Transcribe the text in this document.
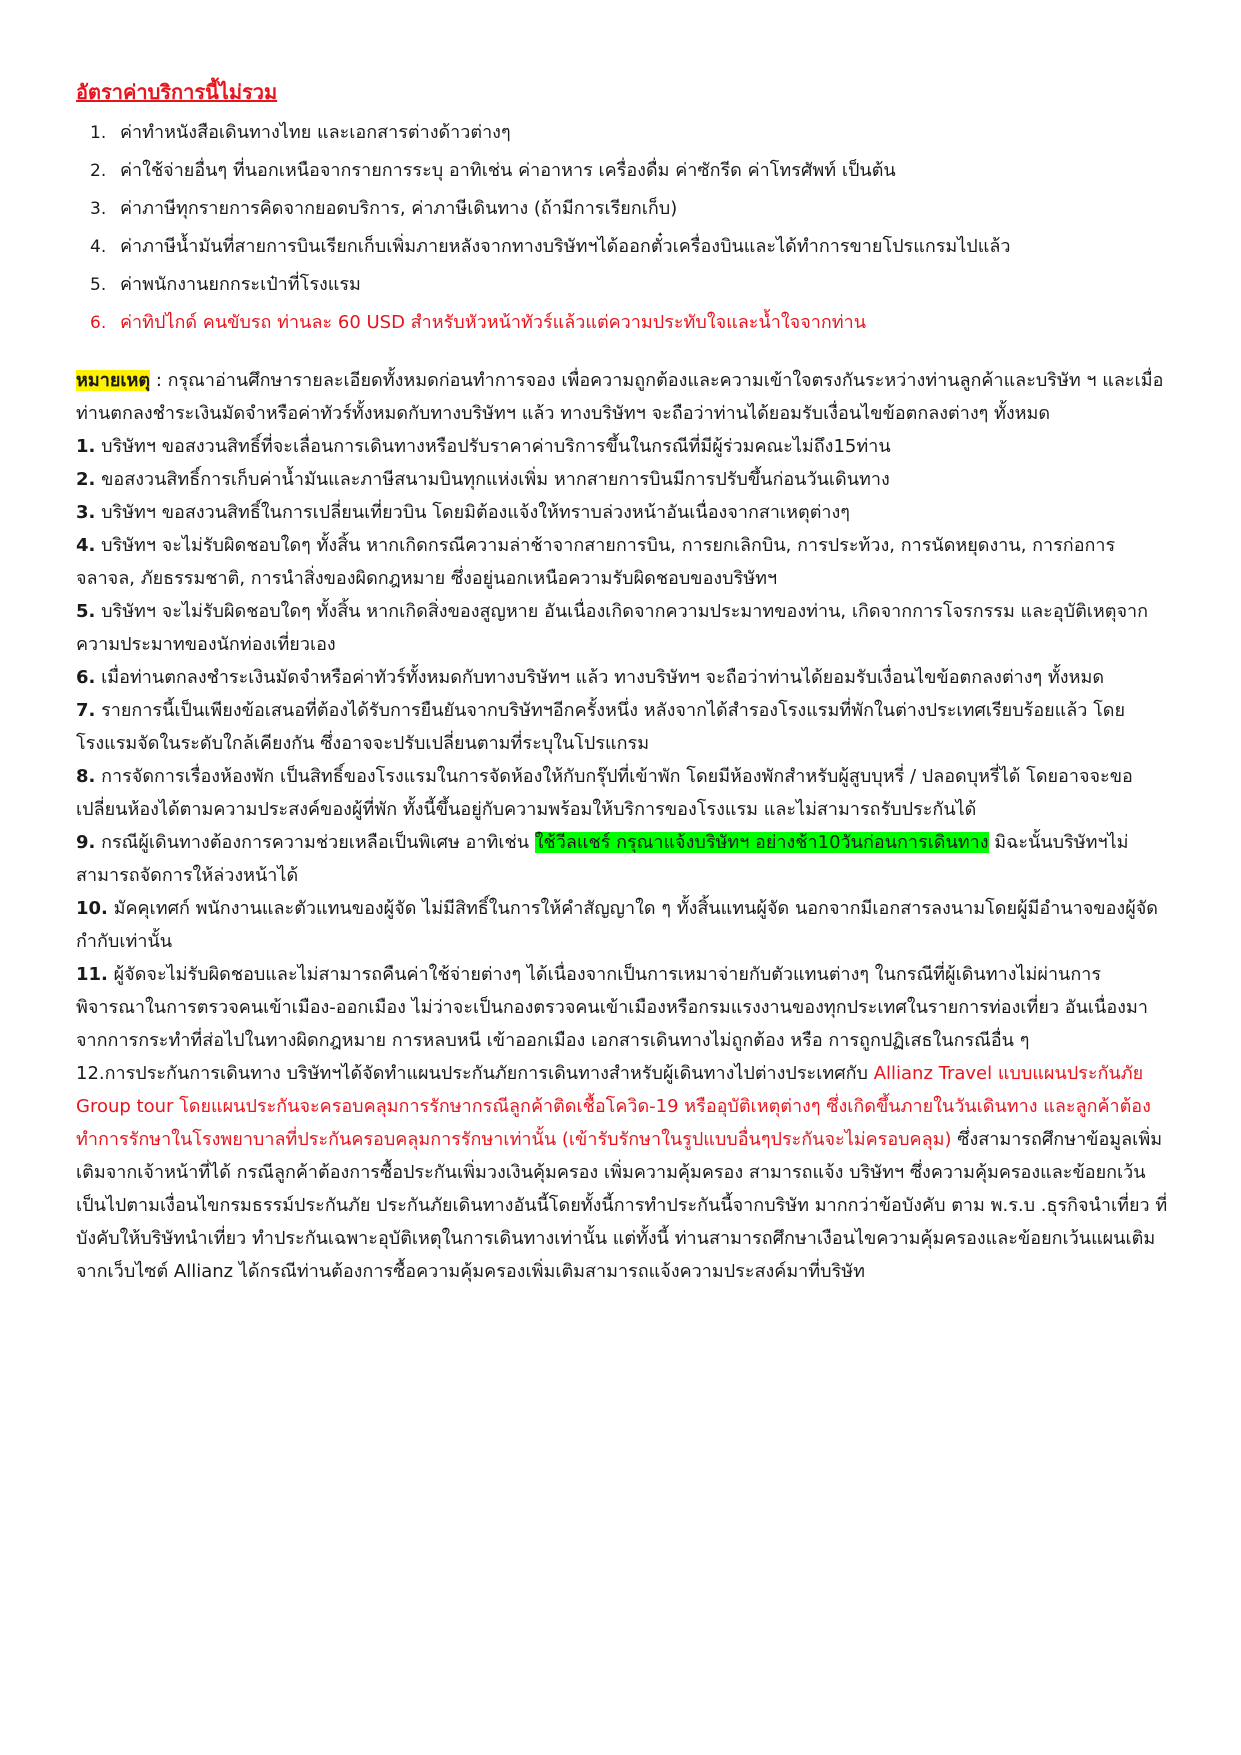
อัตราค่าบริการนี้ไม่รวม
1. ค่าทำหนังสือเดินทางไทย และเอกสารต่างด้าวต่างๆ
2. ค่าใช้จ่ายอื่นๆ ที่นอกเหนือจากรายการระบุ อาทิเช่น ค่าอาหาร เครื่องดื่ม ค่าซักรีด ค่าโทรศัพท์ เป็นต้น
3. ค่าภาษีทุกรายการคิดจากยอดบริการ, ค่าภาษีเดินทาง (ถ้ามีการเรียกเก็บ)
4. ค่าภาษีน้ำมันที่สายการบินเรียกเก็บเพิ่มภายหลังจากทางบริษัทฯได้ออกตั๋วเครื่องบินและได้ทำการขายโปรแกรมไปแล้ว
5. ค่าพนักงานยกกระเป๋าที่โรงแรม
6. ค่าทิปไกด์ คนขับรถ ท่านละ 60 USD สำหรับหัวหน้าทัวร์แล้วแต่ความประทับใจและน้ำใจจากท่าน

หมายเหตุ : กรุณาอ่านศึกษารายละเอียดทั้งหมดก่อนทำการจอง เพื่อความถูกต้องและความเข้าใจตรงกันระหว่างท่านลูกค้าและบริษัท ฯ และเมื่อท่านตกลงชำระเงินมัดจำหรือค่าทัวร์ทั้งหมดกับทางบริษัทฯ แล้ว ทางบริษัทฯ จะถือว่าท่านได้ยอมรับเงื่อนไขข้อตกลงต่างๆ ทั้งหมด

1. บริษัทฯ ขอสงวนสิทธิ์ที่จะเลื่อนการเดินทางหรือปรับราคาค่าบริการขึ้นในกรณีที่มีผู้ร่วมคณะไม่ถึง15ท่าน

2. ขอสงวนสิทธิ์การเก็บค่าน้ำมันและภาษีสนามบินทุกแห่งเพิ่ม หากสายการบินมีการปรับขึ้นก่อนวันเดินทาง

3. บริษัทฯ ขอสงวนสิทธิ์ในการเปลี่ยนเที่ยวบิน โดยมิต้องแจ้งให้ทราบล่วงหน้าอันเนื่องจากสาเหตุต่างๆ

4. บริษัทฯ จะไม่รับผิดชอบใดๆ ทั้งสิ้น หากเกิดกรณีความล่าช้าจากสายการบิน, การยกเลิกบิน, การประท้วง, การนัดหยุดงาน, การก่อการจลาจล, ภัยธรรมชาติ, การนำสิ่งของผิดกฎหมาย ซึ่งอยู่นอกเหนือความรับผิดชอบของบริษัทฯ

5. บริษัทฯ จะไม่รับผิดชอบใดๆ ทั้งสิ้น หากเกิดสิ่งของสูญหาย อันเนื่องเกิดจากความประมาทของท่าน, เกิดจากการโจรกรรม และอุบัติเหตุจากความประมาทของนักท่องเที่ยวเอง

6. เมื่อท่านตกลงชำระเงินมัดจำหรือค่าทัวร์ทั้งหมดกับทางบริษัทฯ แล้ว ทางบริษัทฯ จะถือว่าท่านได้ยอมรับเงื่อนไขข้อตกลงต่างๆ ทั้งหมด

7. รายการนี้เป็นเพียงข้อเสนอที่ต้องได้รับการยืนยันจากบริษัทฯอีกครั้งหนึ่ง หลังจากได้สำรองโรงแรมที่พักในต่างประเทศเรียบร้อยแล้ว โดยโรงแรมจัดในระดับใกล้เคียงกัน ซึ่งอาจจะปรับเปลี่ยนตามที่ระบุในโปรแกรม

8. การจัดการเรื่องห้องพัก เป็นสิทธิ์ของโรงแรมในการจัดห้องให้กับกรุ๊ปที่เข้าพัก โดยมีห้องพักสำหรับผู้สูบบุหรี่ / ปลอดบุหรี่ได้ โดยอาจจะขอเปลี่ยนห้องได้ตามความประสงค์ของผู้ที่พัก ทั้งนี้ขึ้นอยู่กับความพร้อมให้บริการของโรงแรม และไม่สามารถรับประกันได้

9. กรณีผู้เดินทางต้องการความช่วยเหลือเป็นพิเศษ อาทิเช่น ใช้วีลแชร์ กรุณาแจ้งบริษัทฯ อย่างช้า10วันก่อนการเดินทาง มิฉะนั้นบริษัทฯไม่สามารถจัดการให้ล่วงหน้าได้

10. มัคคุเทศก์ พนักงานและตัวแทนของผู้จัด ไม่มีสิทธิ์ในการให้คำสัญญาใด ๆ ทั้งสิ้นแทนผู้จัด นอกจากมีเอกสารลงนามโดยผู้มีอำนาจของผู้จัดกำกับเท่านั้น

11. ผู้จัดจะไม่รับผิดชอบและไม่สามารถคืนค่าใช้จ่ายต่างๆ ได้เนื่องจากเป็นการเหมาจ่ายกับตัวแทนต่างๆ ในกรณีที่ผู้เดินทางไม่ผ่านการพิจารณาในการตรวจคนเข้าเมือง-ออกเมือง ไม่ว่าจะเป็นกองตรวจคนเข้าเมืองหรือกรมแรงงานของทุกประเทศในรายการท่องเที่ยว อันเนื่องมาจากการกระทำที่ส่อไปในทางผิดกฎหมาย การหลบหนี เข้าออกเมือง เอกสารเดินทางไม่ถูกต้อง หรือ การถูกปฏิเสธในกรณีอื่น ๆ

12.การประกันการเดินทาง บริษัทฯได้จัดทำแผนประกันภัยการเดินทางสำหรับผู้เดินทางไปต่างประเทศกับ Allianz Travel แบบแผนประกันภัย Group tour โดยแผนประกันจะครอบคลุมการรักษากรณีลูกค้าติดเชื้อโควิด-19 หรืออุบัติเหตุต่างๆ ซึ่งเกิดขึ้นภายในวันเดินทาง และลูกค้าต้องทำการรักษาในโรงพยาบาลที่ประกันครอบคลุมการรักษาเท่านั้น (เข้ารับรักษาในรูปแบบอื่นๆประกันจะไม่ครอบคลุม) ซึ่งสามารถศึกษาข้อมูลเพิ่มเติมจากเจ้าหน้าที่ได้ กรณีลูกค้าต้องการซื้อประกันเพิ่มวงเงินคุ้มครอง เพิ่มความคุ้มครอง สามารถแจ้ง บริษัทฯ ซึ่งความคุ้มครองและข้อยกเว้น เป็นไปตามเงื่อนไขกรมธรรม์ประกันภัย ประกันภัยเดินทางอันนี้โดยทั้งนี้การทำประกันนี้จากบริษัท มากกว่าข้อบังคับ ตาม พ.ร.บ .ธุรกิจนำเที่ยว ที่บังคับให้บริษัทนำเที่ยว ทำประกันเฉพาะอุบัติเหตุในการเดินทางเท่านั้น แต่ทั้งนี้ ท่านสามารถศึกษาเงือนไขความคุ้มครองและข้อยกเว้นแผนเติมจากเว็บไซต์ Allianz ได้กรณีท่านต้องการซื้อความคุ้มครองเพิ่มเติมสามารถแจ้งความประสงค์มาที่บริษัท
